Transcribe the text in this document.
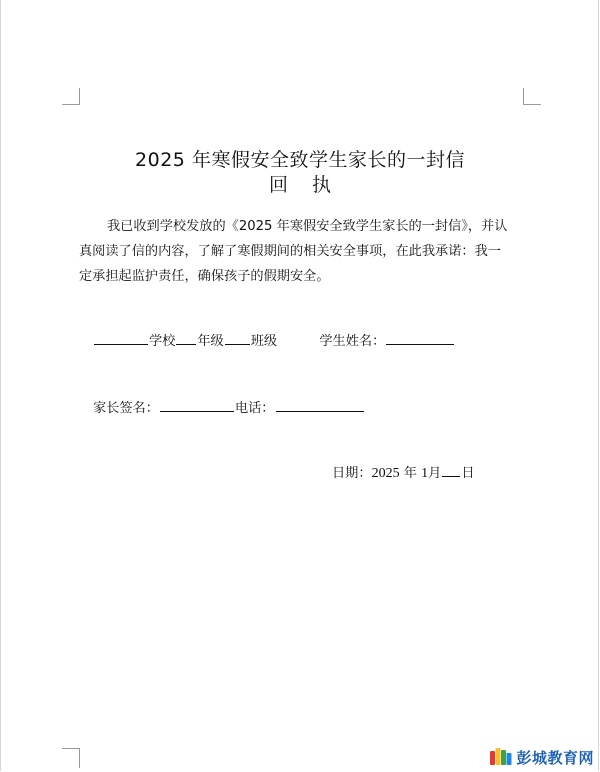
2025 年寒假安全致学生家长的一封信
回 执
我已收到学校发放的《2025 年寒假安全致学生家长的一封信》，并认
真阅读了信的内容，了解了寒假期间的相关安全事项，在此我承诺：我一
定承担起监护责任，确保孩子的假期安全。
学校 年级 班级	学生姓名：
家长签名：	电话：
日期：2025 年 1月 日
彭城教育网
